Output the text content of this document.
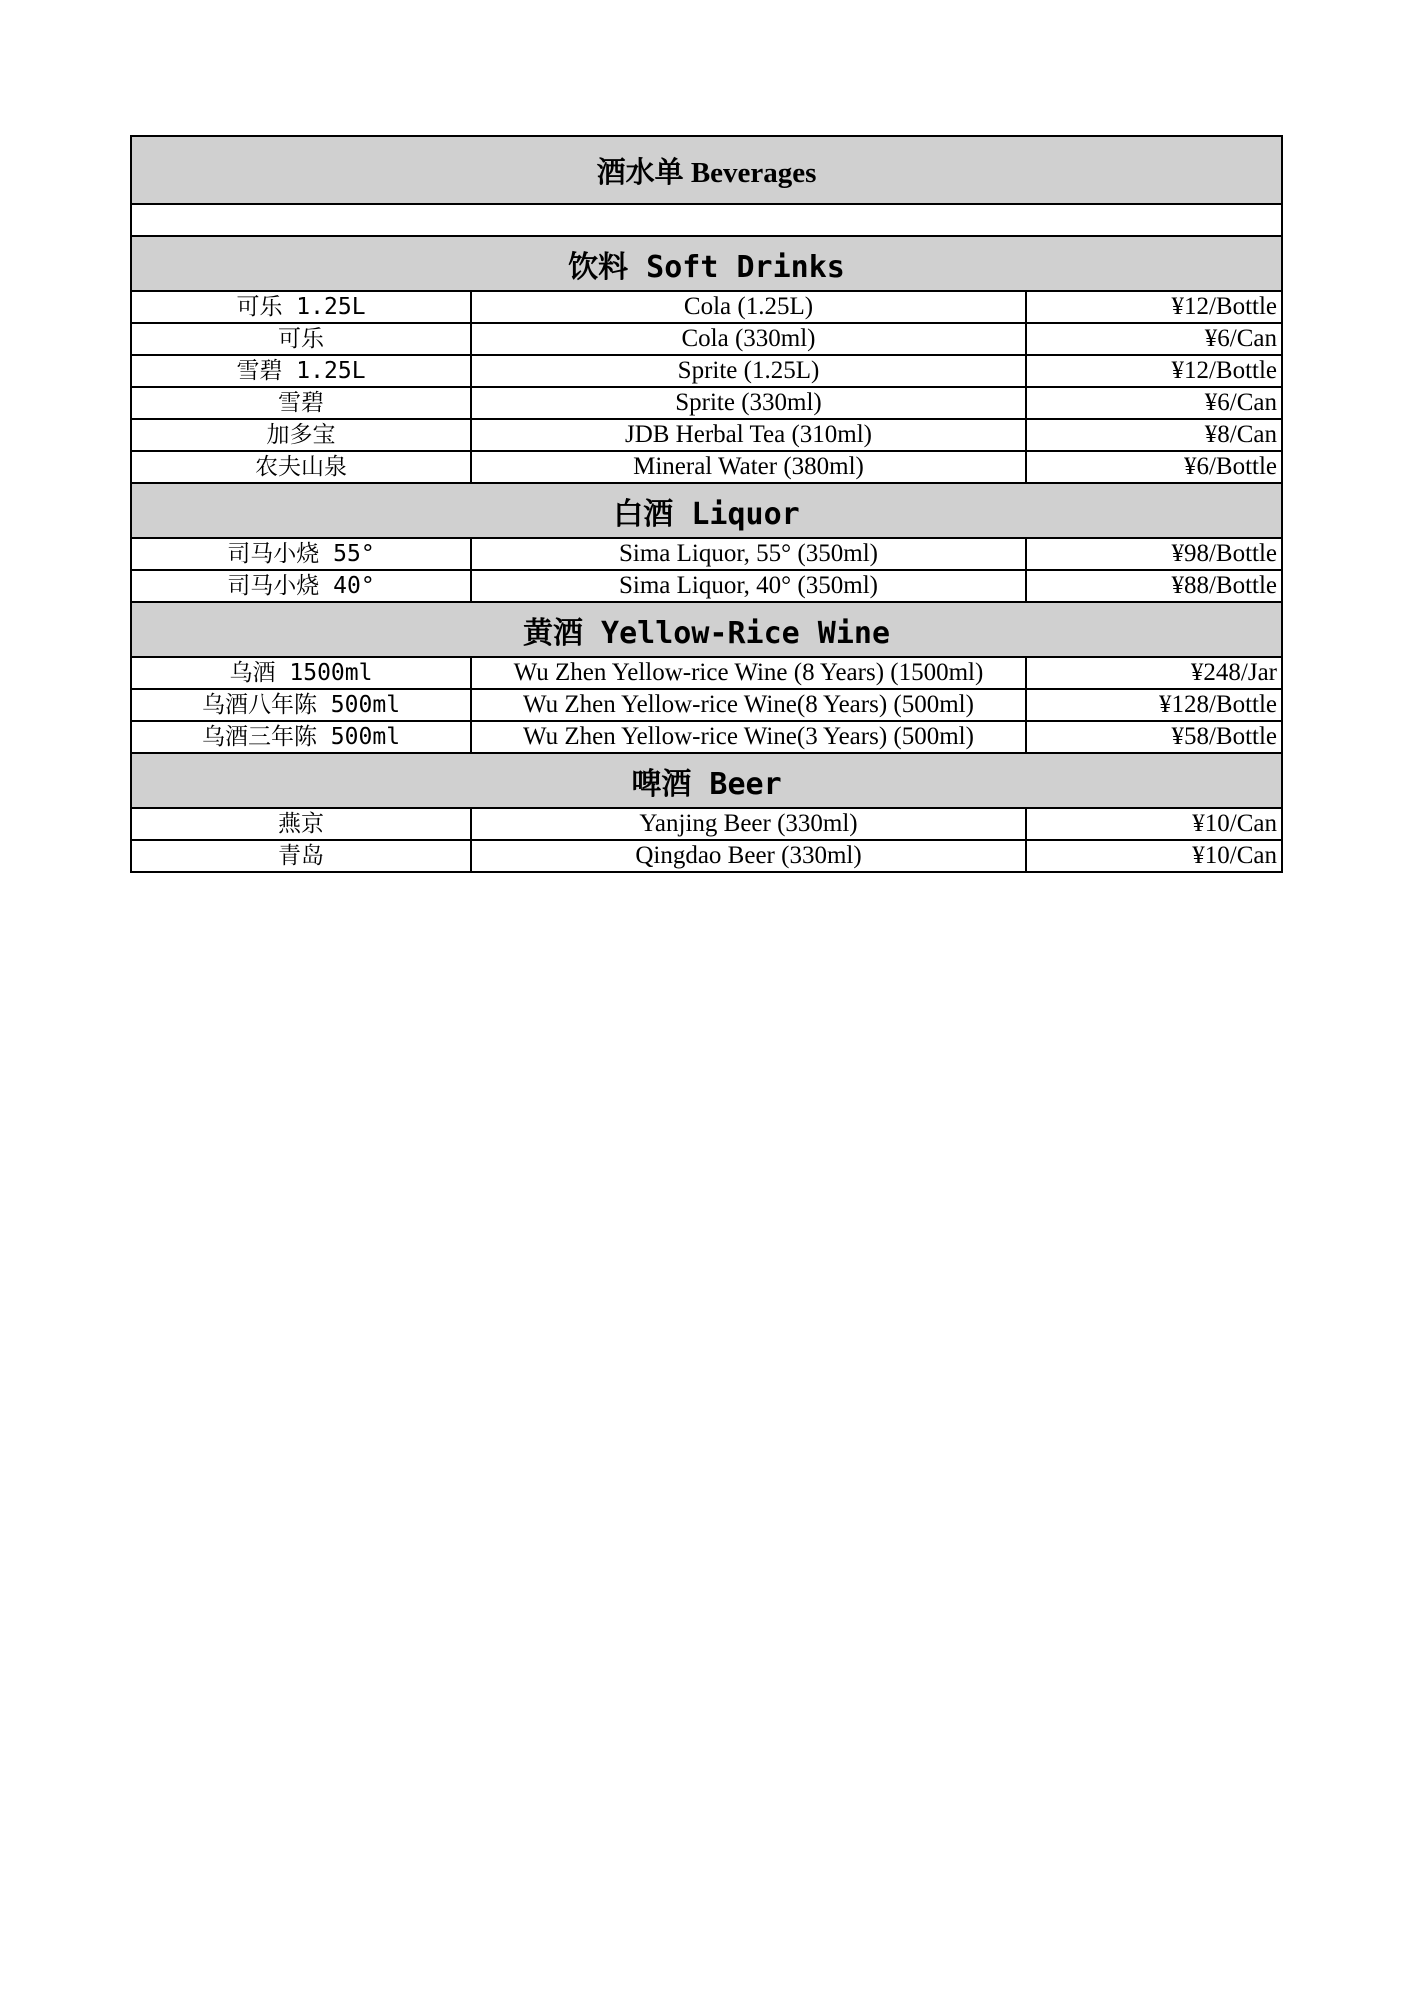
酒水单 Beverages		

饮料 Soft Drinks		
可乐 1.25L	Cola (1.25L)	¥12/Bottle
可乐	Cola (330ml)	¥6/Can
雪碧 1.25L	Sprite (1.25L)	¥12/Bottle
雪碧	Sprite (330ml)	¥6/Can
加多宝	JDB Herbal Tea (310ml)	¥8/Can
农夫山泉	Mineral Water (380ml)	¥6/Bottle
白酒 Liquor		
司马小烧 55°	Sima Liquor, 55° (350ml)	¥98/Bottle
司马小烧 40°	Sima Liquor, 40° (350ml)	¥88/Bottle
黄酒 Yellow-Rice Wine		
乌酒 1500ml	Wu Zhen Yellow-rice Wine (8 Years) (1500ml)	¥248/Jar
乌酒八年陈 500ml	Wu Zhen Yellow-rice Wine(8 Years) (500ml)	¥128/Bottle
乌酒三年陈 500ml	Wu Zhen Yellow-rice Wine(3 Years) (500ml)	¥58/Bottle
啤酒 Beer		
燕京	Yanjing Beer (330ml)	¥10/Can
青岛	Qingdao Beer (330ml)	¥10/Can
